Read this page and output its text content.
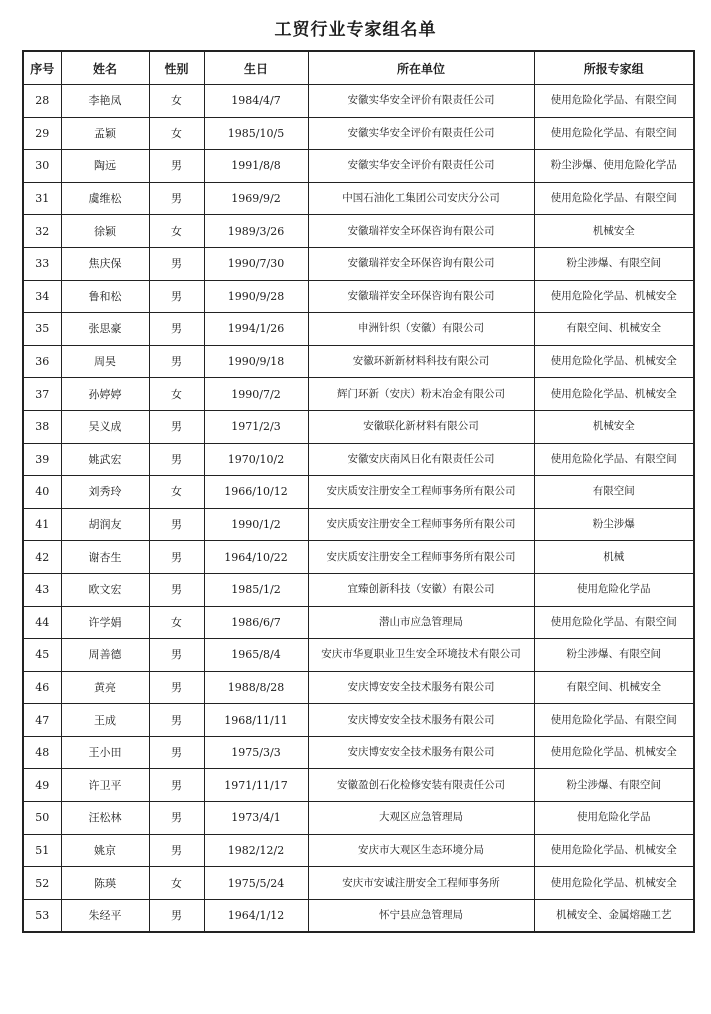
工贸行业专家组名单
序号	姓名	性别	生日	所在单位	所报专家组
28	李艳凤	女	1984/4/7	安徽实华安全评价有限责任公司	使用危险化学品、有限空间
29	孟颖	女	1985/10/5	安徽实华安全评价有限责任公司	使用危险化学品、有限空间
30	陶远	男	1991/8/8	安徽实华安全评价有限责任公司	粉尘涉爆、使用危险化学品
31	虞维松	男	1969/9/2	中国石油化工集团公司安庆分公司	使用危险化学品、有限空间
32	徐颖	女	1989/3/26	安徽瑞祥安全环保咨询有限公司	机械安全
33	焦庆保	男	1990/7/30	安徽瑞祥安全环保咨询有限公司	粉尘涉爆、有限空间
34	鲁和松	男	1990/9/28	安徽瑞祥安全环保咨询有限公司	使用危险化学品、机械安全
35	张思豪	男	1994/1/26	申洲针织（安徽）有限公司	有限空间、机械安全
36	周昊	男	1990/9/18	安徽环新新材料科技有限公司	使用危险化学品、机械安全
37	孙婷婷	女	1990/7/2	辉门环新（安庆）粉末冶金有限公司	使用危险化学品、机械安全
38	吴义成	男	1971/2/3	安徽联化新材料有限公司	机械安全
39	姚武宏	男	1970/10/2	安徽安庆南风日化有限责任公司	使用危险化学品、有限空间
40	刘秀玲	女	1966/10/12	安庆质安注册安全工程师事务所有限公司	有限空间
41	胡润友	男	1990/1/2	安庆质安注册安全工程师事务所有限公司	粉尘涉爆
42	谢杏生	男	1964/10/22	安庆质安注册安全工程师事务所有限公司	机械
43	欧文宏	男	1985/1/2	宜臻创新科技（安徽）有限公司	使用危险化学品
44	许学娟	女	1986/6/7	潜山市应急管理局	使用危险化学品、有限空间
45	周善德	男	1965/8/4	安庆市华夏职业卫生安全环境技术有限公司	粉尘涉爆、有限空间
46	黄亮	男	1988/8/28	安庆博安安全技术服务有限公司	有限空间、机械安全
47	王成	男	1968/11/11	安庆博安安全技术服务有限公司	使用危险化学品、有限空间
48	王小田	男	1975/3/3	安庆博安安全技术服务有限公司	使用危险化学品、机械安全
49	许卫平	男	1971/11/17	安徽盈创石化检修安装有限责任公司	粉尘涉爆、有限空间
50	汪松林	男	1973/4/1	大观区应急管理局	使用危险化学品
51	姚京	男	1982/12/2	安庆市大观区生态环境分局	使用危险化学品、机械安全
52	陈瑛	女	1975/5/24	安庆市安诚注册安全工程师事务所	使用危险化学品、机械安全
53	朱经平	男	1964/1/12	怀宁县应急管理局	机械安全、金属熔融工艺
